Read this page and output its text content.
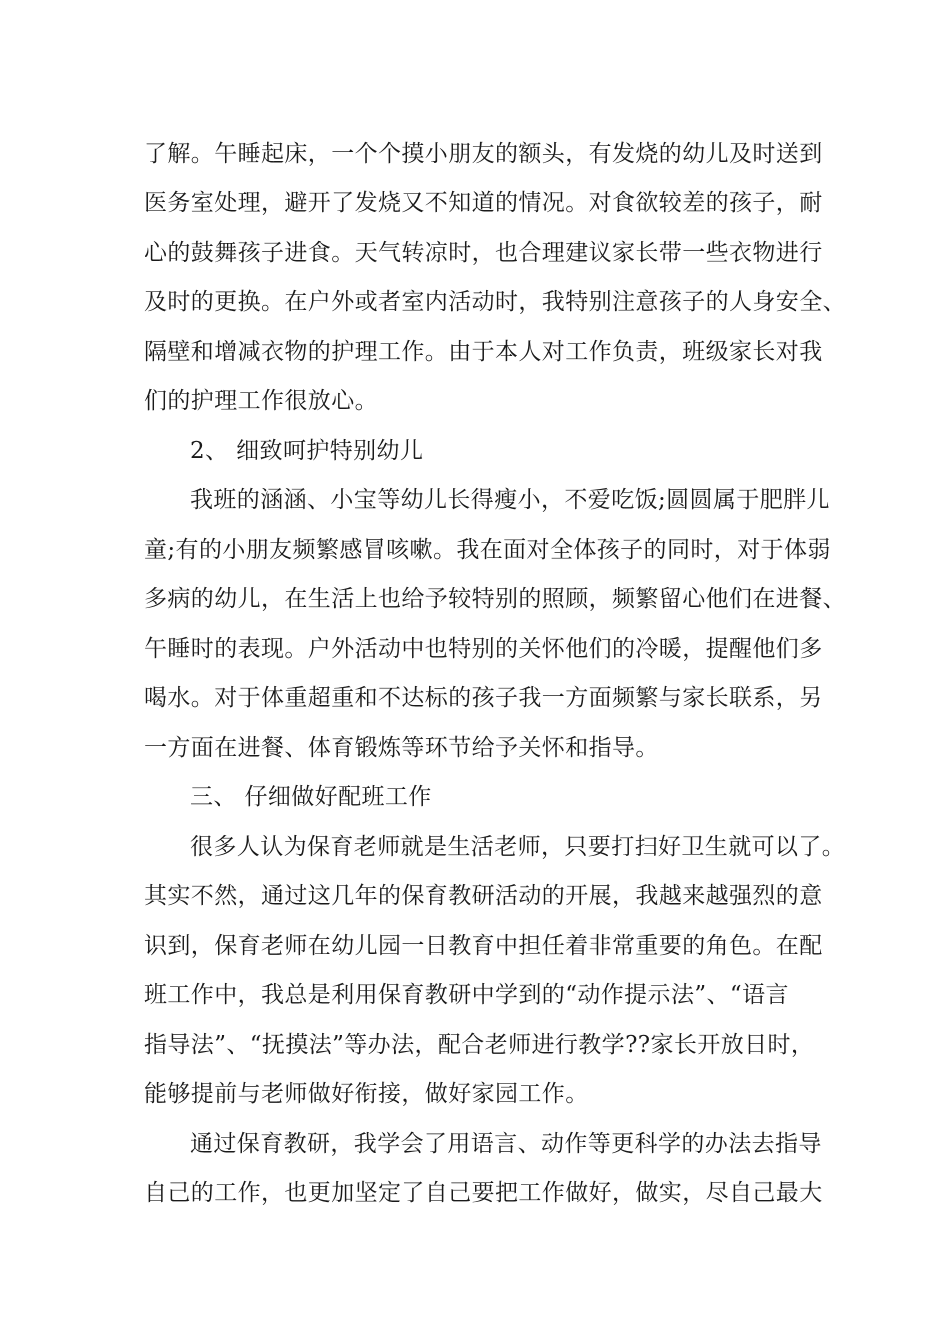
了解。午睡起床，一个个摸小朋友的额头，有发烧的幼儿及时送到

医务室处理，避开了发烧又不知道的情况。对食欲较差的孩子，耐

心的鼓舞孩子进食。天气转凉时，也合理建议家长带一些衣物进行

及时的更换。在户外或者室内活动时，我特别注意孩子的人身安全、

隔壁和增减衣物的护理工作。由于本人对工作负责，班级家长对我

们的护理工作很放心。

2、 细致呵护特别幼儿

我班的涵涵、小宝等幼儿长得瘦小，不爱吃饭;圆圆属于肥胖儿

童;有的小朋友频繁感冒咳嗽。我在面对全体孩子的同时，对于体弱

多病的幼儿，在生活上也给予较特别的照顾，频繁留心他们在进餐、

午睡时的表现。户外活动中也特别的关怀他们的冷暖，提醒他们多

喝水。对于体重超重和不达标的孩子我一方面频繁与家长联系，另

一方面在进餐、体育锻炼等环节给予关怀和指导。

三、 仔细做好配班工作

很多人认为保育老师就是生活老师，只要打扫好卫生就可以了。

其实不然，通过这几年的保育教研活动的开展，我越来越强烈的意

识到，保育老师在幼儿园一日教育中担任着非常重要的角色。在配

班工作中，我总是利用保育教研中学到的“动作提示法”、“语言

指导法”、“抚摸法”等办法，配合老师进行教学??家长开放日时，

能够提前与老师做好衔接，做好家园工作。

通过保育教研，我学会了用语言、动作等更科学的办法去指导

自己的工作，也更加坚定了自己要把工作做好，做实，尽自己最大
